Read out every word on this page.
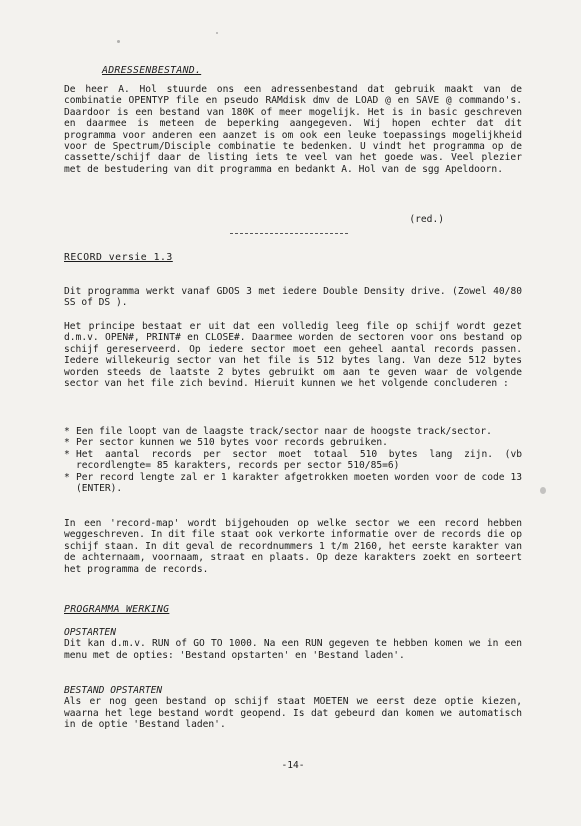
ADRESSENBESTAND.

De heer A. Hol stuurde ons een adressenbestand dat gebruik maakt van de combinatie OPENTYP file en pseudo RAMdisk dmv de LOAD @ en SAVE @ commando's. Daardoor is een bestand van 180K of meer mogelijk. Het is in basic geschreven en daarmee is meteen de beperking aangegeven. Wij hopen echter dat dit programma voor anderen een aanzet is om ook een leuke toepassings mogelijkheid voor de Spectrum/Disciple combinatie te bedenken. U vindt het programma op de cassette/schijf daar de listing iets te veel van het goede was. Veel plezier met de bestudering van dit programma en bedankt A. Hol van de sgg Apeldoorn.

(red.)
RECORD versie 1.3

Dit programma werkt vanaf GDOS 3 met iedere Double Density drive. (Zowel 40/80 SS of DS ).

Het principe bestaat er uit dat een volledig leeg file op schijf wordt gezet d.m.v. OPEN#, PRINT# en CLOSE#. Daarmee worden de sectoren voor ons bestand op schijf gereserveerd. Op iedere sector moet een geheel aantal records passen. Iedere willekeurig sector van het file is 512 bytes lang. Van deze 512 bytes worden steeds de laatste 2 bytes gebruikt om aan te geven waar de volgende sector van het file zich bevind. Hieruit kunnen we het volgende concluderen :

* Een file loopt van de laagste track/sector naar de hoogste track/sector.
* Per sector kunnen we 510 bytes voor records gebruiken.
* Het aantal records per sector moet totaal 510 bytes lang zijn. (vb recordlengte= 85 karakters, records per sector 510/85=6)
* Per record lengte zal er 1 karakter afgetrokken moeten worden voor de code 13 (ENTER).

In een 'record-map' wordt bijgehouden op welke sector we een record hebben weggeschreven. In dit file staat ook verkorte informatie over de records die op schijf staan. In dit geval de recordnummers 1 t/m 2160, het eerste karakter van de achternaam, voornaam, straat en plaats. Op deze karakters zoekt en sorteert het programma de records.

PROGRAMMA WERKING
OPSTARTEN

Dit kan d.m.v. RUN of GO TO 1000. Na een RUN gegeven te hebben komen we in een menu met de opties: 'Bestand opstarten' en 'Bestand laden'.

BESTAND OPSTARTEN

Als er nog geen bestand op schijf staat MOETEN we eerst deze optie kiezen, waarna het lege bestand wordt geopend. Is dat gebeurd dan komen we automatisch in de optie 'Bestand laden'.

-14-
